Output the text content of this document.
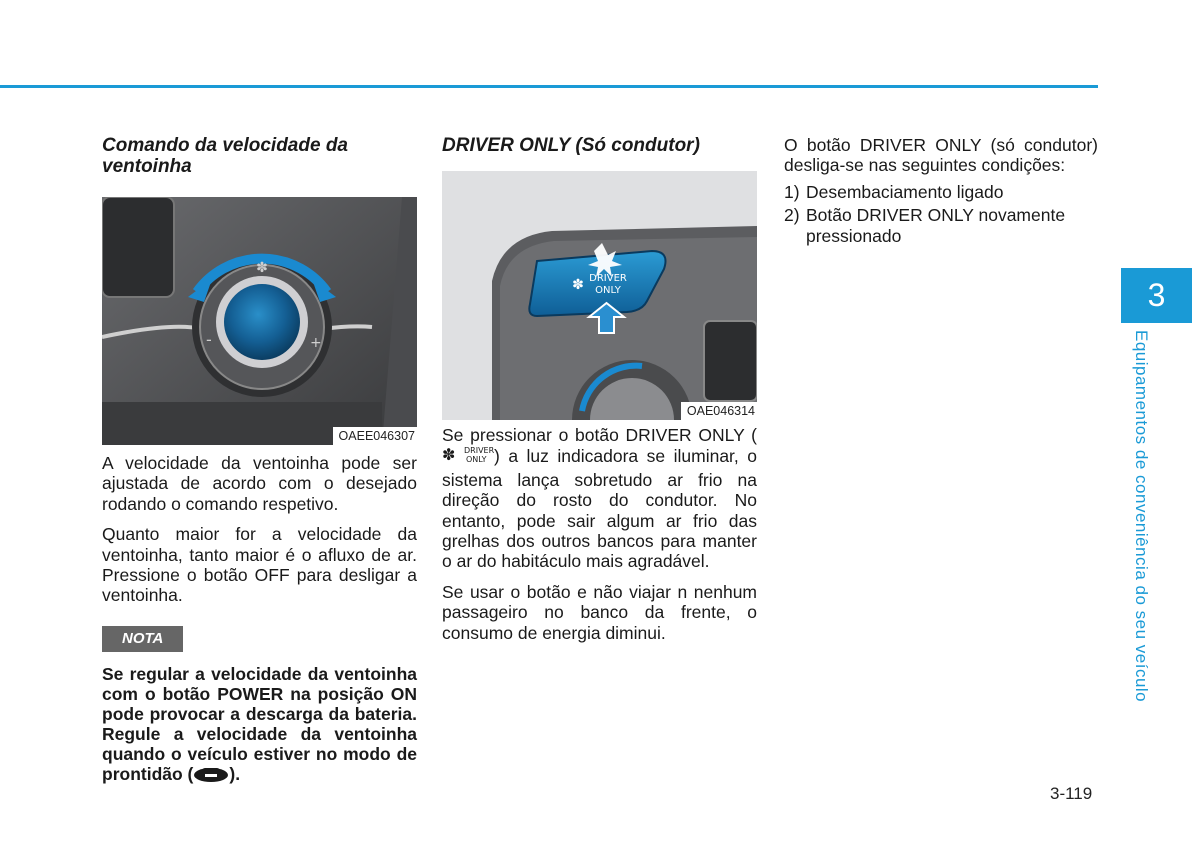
Comando da velocidade da ventoinha
✽
-	+
OAEE046307

A velocidade da ventoinha pode ser ajustada de acordo com o desejado rodando o comando respetivo.

Quanto maior for a velocidade da ventoinha, tanto maior é o afluxo de ar. Pressione o botão OFF para desligar a ventoinha.

NOTA

Se regular a velocidade da ventoinha com o botão POWER na posição ON pode provocar a descarga da bateria. Regule a velocidade da ventoinha quando o veículo estiver no modo de prontidão ( ).

DRIVER ONLY (Só condutor)
DRIVER
ONLY
✽
OAE046314

Se pressionar o botão DRIVER ONLY (
✽ DRIVER
ONLY ) a luz indicadora se iluminar, o sistema lança sobretudo ar frio na direção do rosto do condutor. No entanto, pode sair algum ar frio das grelhas dos outros bancos para manter o ar do habitáculo mais agradável.

Se usar o botão e não viajar n nenhum passageiro no banco da frente, o consumo de energia diminui.

O botão DRIVER ONLY (só condutor) desliga-se nas seguintes condições:

1) Desembaciamento ligado
2) Botão DRIVER ONLY novamente pressionado
3
Equipamentos de conveniência do seu veículo
3-119
